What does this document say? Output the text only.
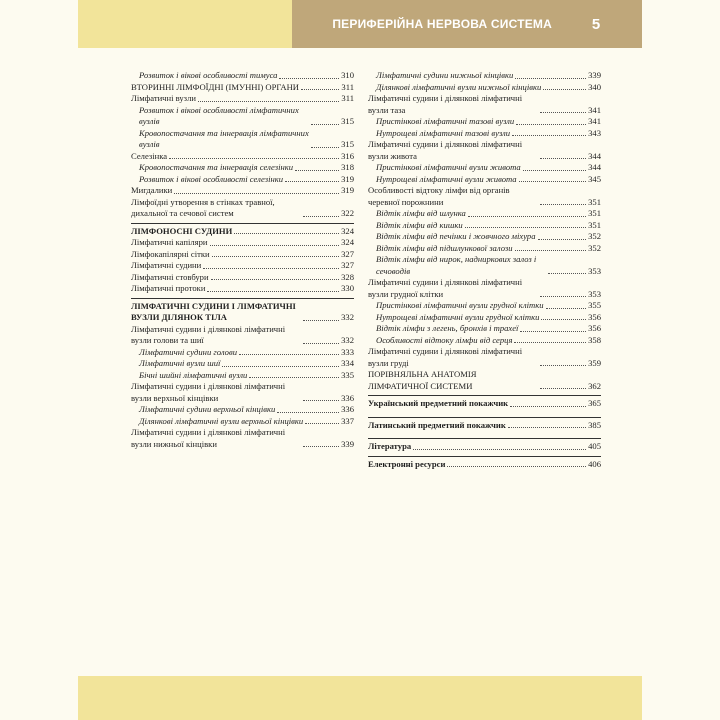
ПЕРИФЕРІЙНА НЕРВОВА СИСТЕМА	5
Розвиток і вікові особливості тимуса	310
ВТОРИННІ ЛІМФОЇДНІ (ІМУННІ) ОРГАНИ	311
Лімфатичні вузли	311
Розвиток і вікові особливості лімфатичних вузлів	315
Кровопостачання та іннервація лімфатичних вузлів	315
Селезінка	316
Кровопостачання та іннервація селезінки	318
Розвиток і вікові особливості селезінки	319
Мигдалики	319
Лімфоїдні утворення в стінках травної, дихальної та сечової систем	322
ЛІМФОНОСНІ СУДИНИ	324
Лімфатичні капіляри	324
Лімфокапілярні сітки	327
Лімфатичні судини	327
Лімфатичні стовбури	328
Лімфатичні протоки	330
ЛІМФАТИЧНІ СУДИНИ І ЛІМФАТИЧНІ ВУЗЛИ ДІЛЯНОК ТІЛА	332
Лімфатичні судини і ділянкові лімфатичні вузли голови та шиї	332
Лімфатичні судини голови	333
Лімфатичні вузли шиї	334
Бічні шийні лімфатичні вузли	335
Лімфатичні судини і ділянкові лімфатичні вузли верхньої кінцівки	336
Лімфатичні судини верхньої кінцівки	336
Ділянкові лімфатичні вузли верхньої кінцівки	337
Лімфатичні судини і ділянкові лімфатичні вузли нижньої кінцівки	339
Лімфатичні судини нижньої кінцівки	339
Ділянкові лімфатичні вузли нижньої кінцівки	340
Лімфатичні судини і ділянкові лімфатичні вузли таза	341
Пристінкові лімфатичні тазові вузли	341
Нутрощеві лімфатичні тазові вузли	343
Лімфатичні судини і ділянкові лімфатичні вузли живота	344
Пристінкові лімфатичні вузли живота	344
Нутрощеві лімфатичні вузли живота	345
Особливості відтоку лімфи від органів черевної порожнини	351
Відтік лімфи від шлунка	351
Відтік лімфи від кишки	351
Відтік лімфи від печінки і жовчного міхура	352
Відтік лімфи від підшлункової залози	352
Відтік лімфи від нирок, надниркових залоз і сечоводів	353
Лімфатичні судини і ділянкові лімфатичні вузли грудної клітки	353
Пристінкові лімфатичні вузли грудної клітки	355
Нутрощеві лімфатичні вузли грудної клітки	356
Відтік лімфи з легень, бронхів і трахеї	356
Особливості відтоку лімфи від серця	358
Лімфатичні судини і ділянкові лімфатичні вузли груді	359
ПОРІВНЯЛЬНА АНАТОМІЯ ЛІМФАТИЧНОЇ СИСТЕМИ	362
Український предметний покажчик	365
Латинський предметний покажчик	385
Література	405
Електронні ресурси	406
